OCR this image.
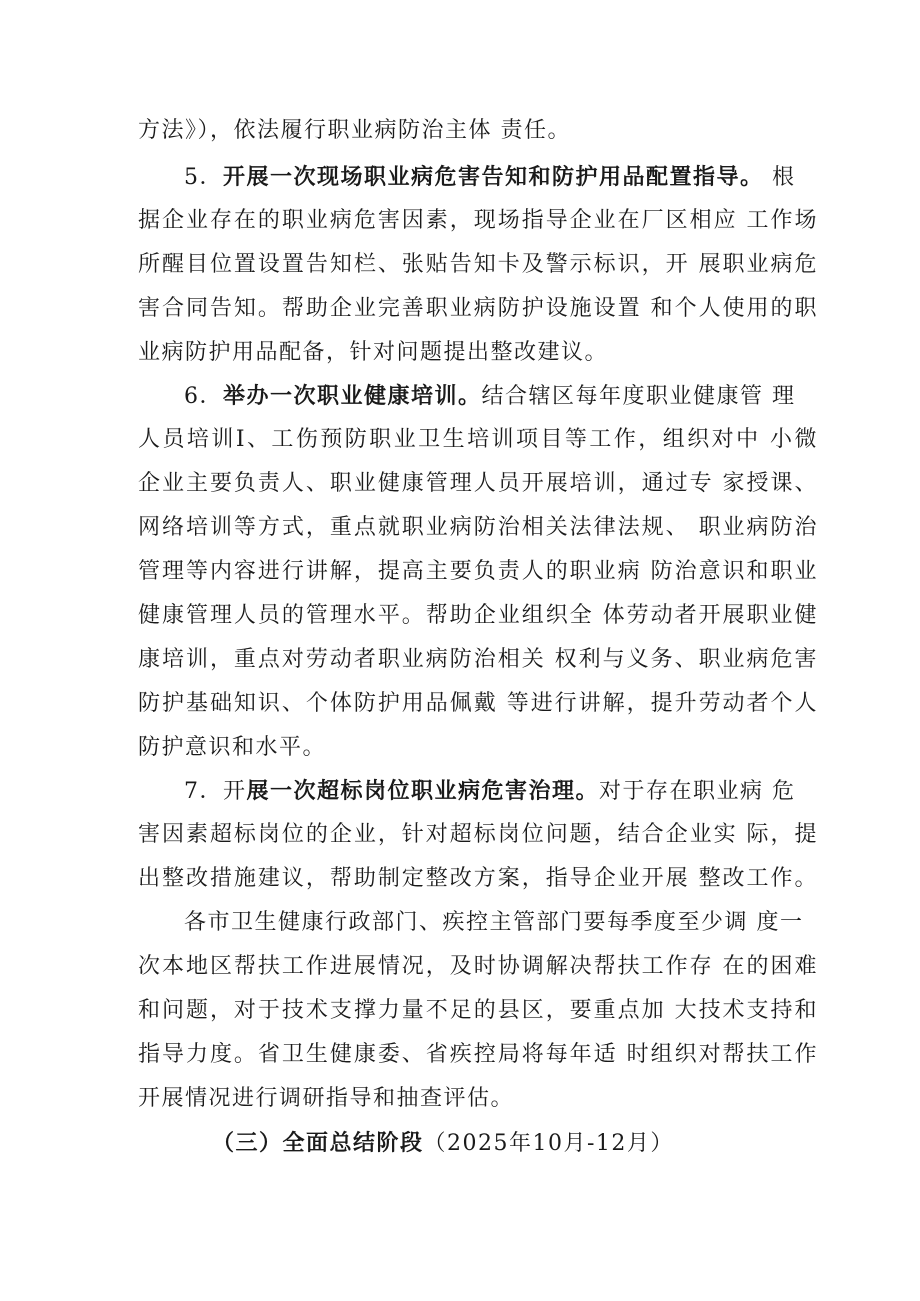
方法》），依法履行职业病防治主体 责任。
5．开展一次现场职业病危害告知和防护用品配置指导。 根
据企业存在的职业病危害因素，现场指导企业在厂区相应 工作场
所醒目位置设置告知栏、张贴告知卡及警示标识，开 展职业病危
害合同告知。帮助企业完善职业病防护设施设置 和个人使用的职
业病防护用品配备，针对问题提出整改建议。
6．举办一次职业健康培训。结合辖区每年度职业健康管 理
人员培训Ⅰ、工伤预防职业卫生培训项目等工作，组织对中 小微
企业主要负责人、职业健康管理人员开展培训，通过专 家授课、
网络培训等方式，重点就职业病防治相关法律法规、 职业病防治
管理等内容进行讲解，提高主要负责人的职业病 防治意识和职业
健康管理人员的管理水平。帮助企业组织全 体劳动者开展职业健
康培训，重点对劳动者职业病防治相关 权利与义务、职业病危害
防护基础知识、个体防护用品佩戴 等进行讲解，提升劳动者个人
防护意识和水平。
7．开展一次超标岗位职业病危害治理。对于存在职业病 危
害因素超标岗位的企业，针对超标岗位问题，结合企业实 际，提
出整改措施建议，帮助制定整改方案，指导企业开展 整改工作。
各市卫生健康行政部门、疾控主管部门要每季度至少调 度一
次本地区帮扶工作进展情况，及时协调解决帮扶工作存 在的困难
和问题，对于技术支撑力量不足的县区，要重点加 大技术支持和
指导力度。省卫生健康委、省疾控局将每年适 时组织对帮扶工作
开展情况进行调研指导和抽查评估。
（三）全面总结阶段（2025年10月-12月）
